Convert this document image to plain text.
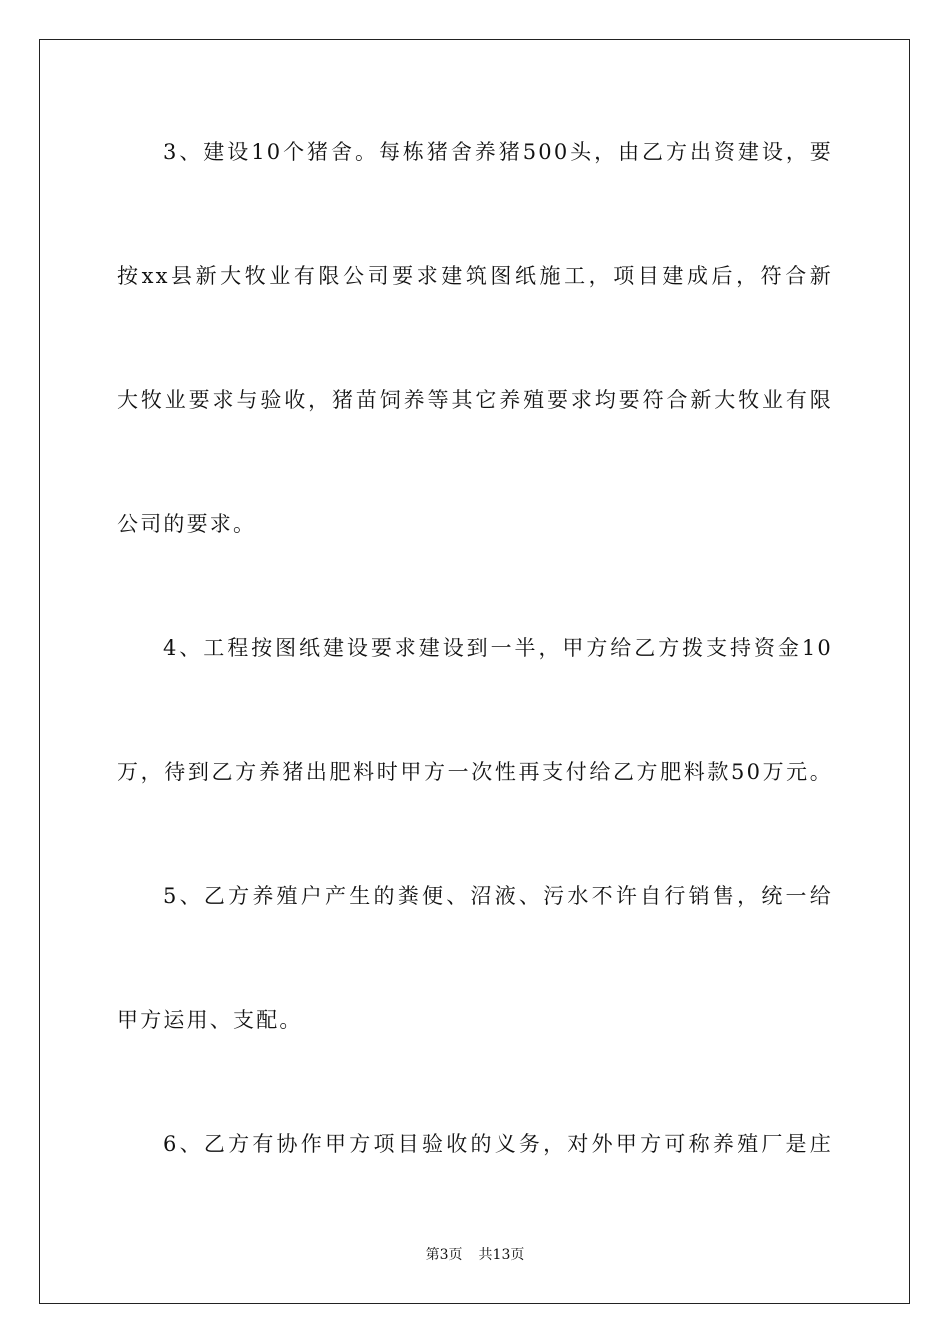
3、建设10个猪舍。每栋猪舍养猪500头，由乙方出资建设，要
按xx县新大牧业有限公司要求建筑图纸施工，项目建成后，符合新
大牧业要求与验收，猪苗饲养等其它养殖要求均要符合新大牧业有限
公司的要求。
4、工程按图纸建设要求建设到一半，甲方给乙方拨支持资金10
万，待到乙方养猪出肥料时甲方一次性再支付给乙方肥料款50万元。
5、乙方养殖户产生的粪便、沼液、污水不许自行销售，统一给
甲方运用、支配。
6、乙方有协作甲方项目验收的义务，对外甲方可称养殖厂是庄
第3页 共13页
